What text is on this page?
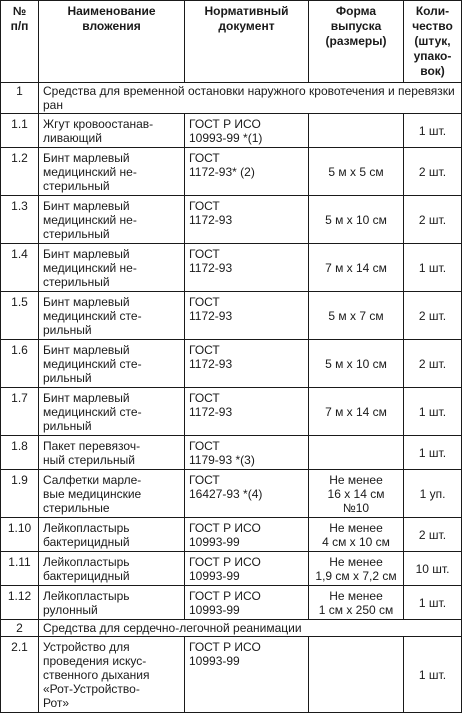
№
п/п	Наименование
вложения	Нормативный
документ	Форма
выпуска
(размеры)	Коли-
чество
(штук,
упако-
вок)
1	Средства для временной остановки наружного кровотечения и перевязки ран			
1.1	Жгут кровоостанав-
ливающий	ГОСТ Р ИСО
10993-99 *(1)		1 шт.
1.2	Бинт марлевый
медицинский не-
стерильный	ГОСТ
1172-93* (2)	5 м х 5 см	2 шт.
1.3	Бинт марлевый
медицинский не-
стерильный	ГОСТ
1172-93	5 м х 10 см	2 шт.
1.4	Бинт марлевый
медицинский не-
стерильный	ГОСТ
1172-93	7 м х 14 см	1 шт.
1.5	Бинт марлевый
медицинский сте-
рильный	ГОСТ
1172-93	5 м х 7 см	2 шт.
1.6	Бинт марлевый
медицинский сте-
рильный	ГОСТ
1172-93	5 м х 10 см	2 шт.
1.7	Бинт марлевый
медицинский сте-
рильный	ГОСТ
1172-93	7 м х 14 см	1 шт.
1.8	Пакет перевязоч-
ный стерильный	ГОСТ
1179-93 *(3)		1 шт.
1.9	Салфетки марле-
вые медицинские
стерильные	ГОСТ
16427-93 *(4)	Не менее
16 х 14 см №10	1 уп.
1.10	Лейкопластырь
бактерицидный	ГОСТ Р ИСО
10993-99	Не менее
4 см х 10 см	2 шт.
1.11	Лейкопластырь
бактерицидный	ГОСТ Р ИСО
10993-99	Не менее
1,9 см х 7,2 см	10 шт.
1.12	Лейкопластырь
рулонный	ГОСТ Р ИСО
10993-99	Не менее
1 см х 250 см	1 шт.
2	Средства для сердечно-легочной реанимации			
2.1	Устройство для
проведения искус-
ственного дыхания
«Рот-Устройство-
Рот»	ГОСТ Р ИСО
10993-99		1 шт.
